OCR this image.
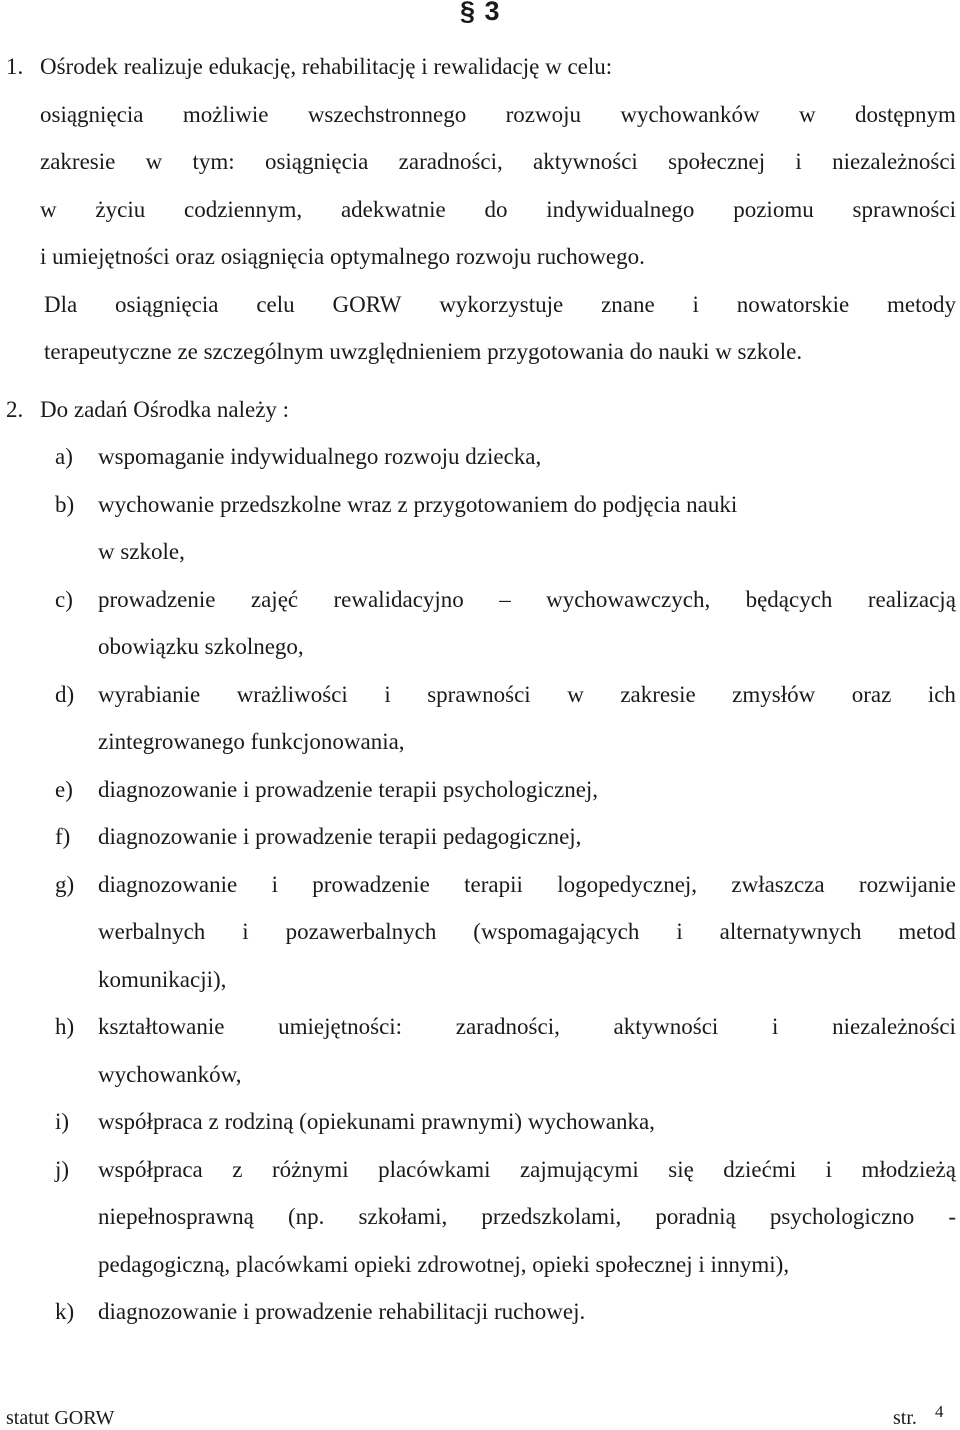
§ 3
1. Ośrodek realizuje edukację, rehabilitację i rewalidację w celu:
osiągnięcia możliwie wszechstronnego rozwoju wychowanków w dostępnym
zakresie w tym: osiągnięcia zaradności, aktywności społecznej i niezależności
w życiu codziennym, adekwatnie do indywidualnego poziomu sprawności
i umiejętności oraz osiągnięcia optymalnego rozwoju ruchowego.
Dla osiągnięcia celu GORW wykorzystuje znane i nowatorskie metody
terapeutyczne ze szczególnym uwzględnieniem przygotowania do nauki w szkole.
2. Do zadań Ośrodka należy :
a) wspomaganie indywidualnego rozwoju dziecka,
b) wychowanie przedszkolne wraz z przygotowaniem do podjęcia nauki
w szkole,
c) prowadzenie zajęć rewalidacyjno – wychowawczych, będących realizacją
obowiązku szkolnego,
d) wyrabianie wrażliwości i sprawności w zakresie zmysłów oraz ich
zintegrowanego funkcjonowania,
e) diagnozowanie i prowadzenie terapii psychologicznej,
f) diagnozowanie i prowadzenie terapii pedagogicznej,
g) diagnozowanie i prowadzenie terapii logopedycznej, zwłaszcza rozwijanie
werbalnych i pozawerbalnych (wspomagających i alternatywnych metod
komunikacji),
h) kształtowanie umiejętności: zaradności, aktywności i niezależności
wychowanków,
i) współpraca z rodziną (opiekunami prawnymi) wychowanka,
j) współpraca z różnymi placówkami zajmującymi się dziećmi i młodzieżą
niepełnosprawną (np. szkołami, przedszkolami, poradnią psychologiczno -
pedagogiczną, placówkami opieki zdrowotnej, opieki społecznej i innymi),
k) diagnozowanie i prowadzenie rehabilitacji ruchowej.
statut GORW	str. 4
